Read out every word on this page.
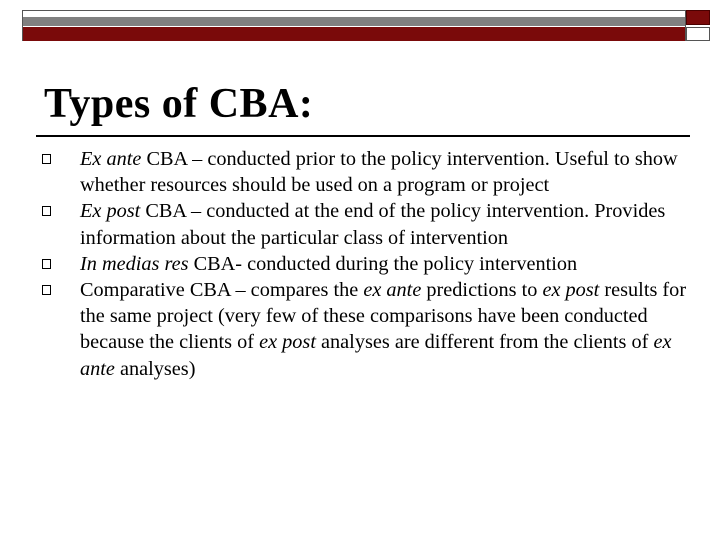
Types of CBA:
Ex ante CBA – conducted prior to the policy intervention. Useful to show whether resources should be used on a program or project
Ex post CBA – conducted at the end of the policy intervention. Provides information about the particular class of intervention
In medias res CBA- conducted during the policy intervention
Comparative CBA – compares the ex ante predictions to ex post results for the same project (very few of these comparisons have been conducted because the clients of ex post analyses are different from the clients of ex ante analyses)
